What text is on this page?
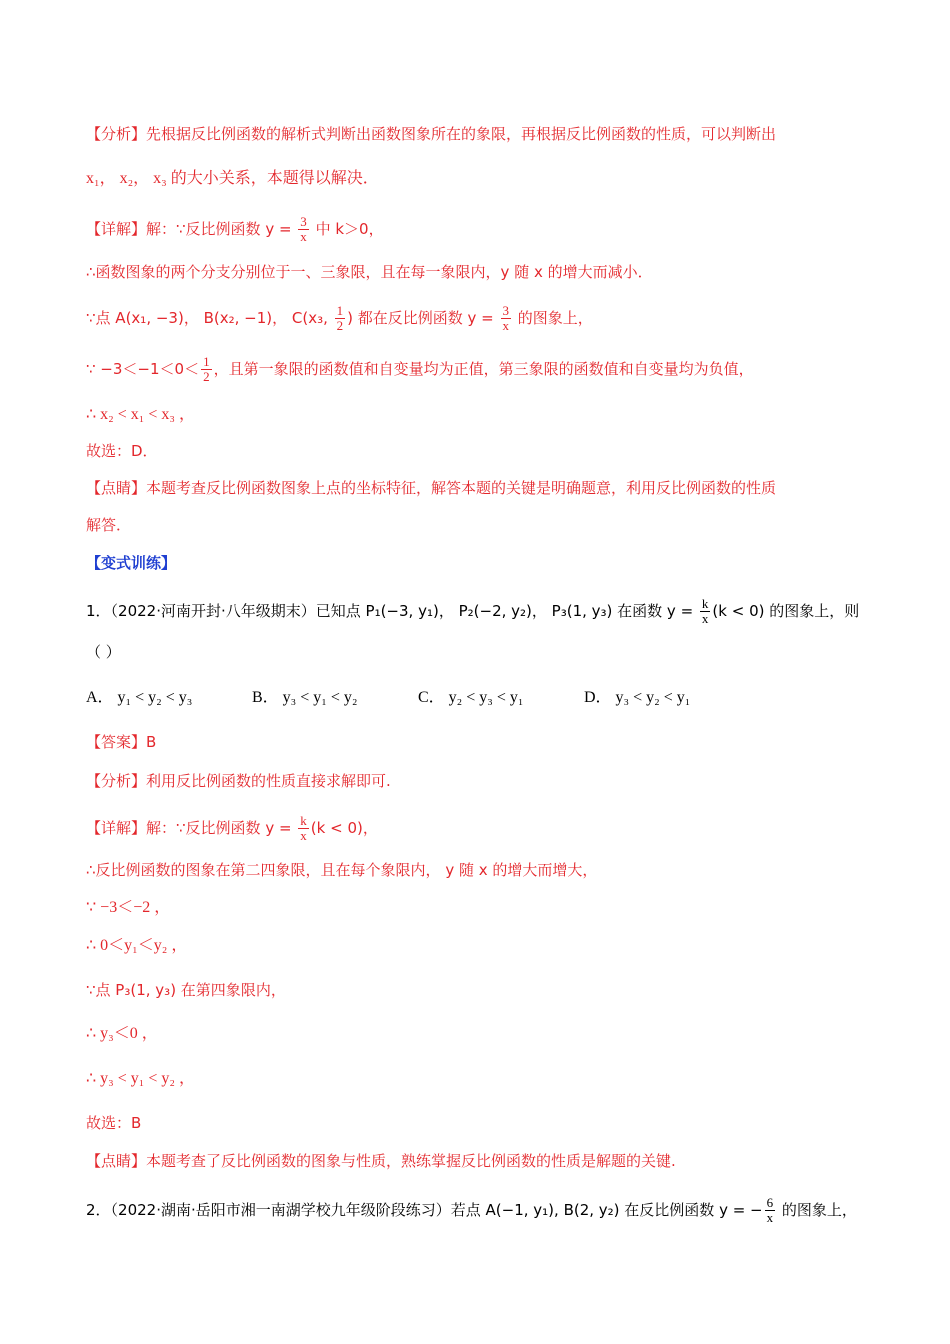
【分析】先根据反比例函数的解析式判断出函数图象所在的象限，再根据反比例函数的性质，可以判断出
x₁， x₂， x₃ 的大小关系，本题得以解决．
【详解】解：∵反比例函数 $y = \frac{3}{x}$ 中 k＞0，
∴函数图象的两个分支分别位于一、三象限，且在每一象限内，y 随 x 的增大而减小．
∵点 A(x₁, −3)， B(x₂, −1)， C(x₃, $\frac{1}{2}$ ) 都在反比例函数 $y = \frac{3}{x}$ 的图象上，
∵ $-3<-1<0< \frac{1}{2}$ ，且第一象限的函数值和自变量均为正值，第三象限的函数值和自变量均为负值，
∴ x₂ < x₁ < x₃ ，
故选：D．
【点睛】本题考查反比例函数图象上点的坐标特征，解答本题的关键是明确题意，利用反比例函数的性质
解答．
【变式训练】
1．（2022·河南开封·八年级期末）已知点 P₁(−3, y₁)， P₂(−2, y₂)， P₃(1, y₃) 在函数 $y = \frac{k}{x} (k < 0)$ 的图象上，则
（ ）
A． y₁ < y₂ < y₃	B． y₃ < y₁ < y₂	C． y₂ < y₃ < y₁	D． y₃ < y₂ < y₁
【答案】B
【分析】利用反比例函数的性质直接求解即可.
【详解】解：∵反比例函数 $y = \frac{k}{x} (k < 0)$，
∴反比例函数的图象在第二四象限，且在每个象限内， y 随 x 的增大而增大，
∵ −3＜−2 ，
∴ 0＜y₁＜y₂ ，
∵点 P₃(1, y₃) 在第四象限内，
∴ y₃＜0 ，
∴ y₃ < y₁ < y₂ ，
故选：B
【点睛】本题考查了反比例函数的图象与性质，熟练掌握反比例函数的性质是解题的关键.
2．（2022·湖南·岳阳市湘一南湖学校九年级阶段练习）若点 A(−1, y₁), B(2, y₂) 在反比例函数 y = − $\frac{6}{x}$ 的图象上，
